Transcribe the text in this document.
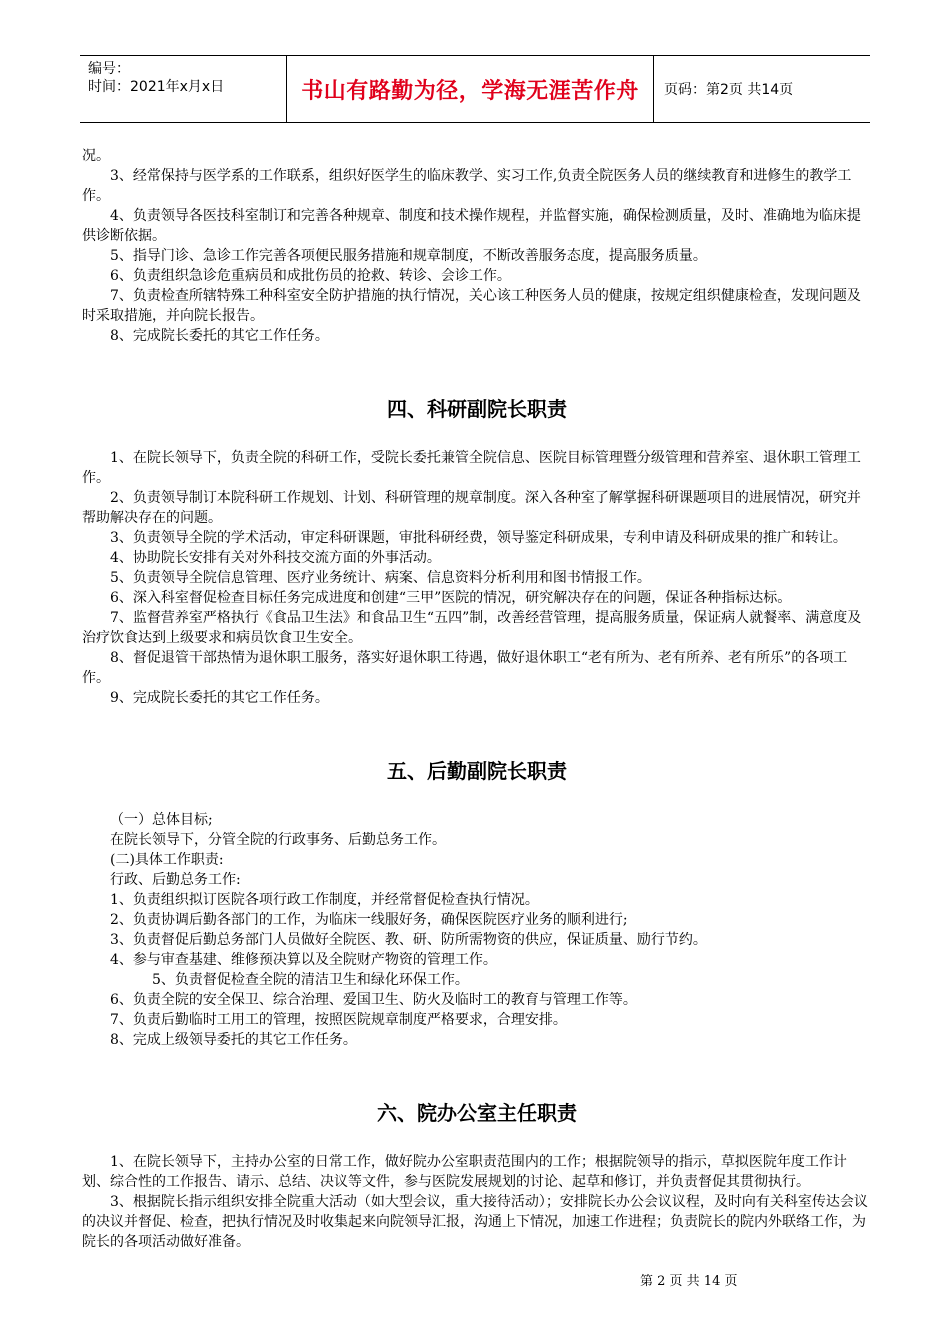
编号：
时间：2021年x月x日	书山有路勤为径，学海无涯苦作舟	页码：第2页 共14页

况。

3、经常保持与医学系的工作联系，组织好医学生的临床教学、实习工作,负责全院医务人员的继续教育和进修生的教学工作。

4、负责领导各医技科室制订和完善各种规章、制度和技术操作规程，并监督实施，确保检测质量，及时、准确地为临床提供诊断依据。

5、指导门诊、急诊工作完善各项便民服务措施和规章制度，不断改善服务态度，提高服务质量。

6、负责组织急诊危重病员和成批伤员的抢救、转诊、会诊工作。

7、负责检查所辖特殊工种科室安全防护措施的执行情况，关心该工种医务人员的健康，按规定组织健康检查，发现问题及时采取措施，并向院长报告。

8、完成院长委托的其它工作任务。

四、科研副院长职责

1、在院长领导下，负责全院的科研工作，受院长委托兼管全院信息、医院目标管理暨分级管理和营养室、退休职工管理工作。

2、负责领导制订本院科研工作规划、计划、科研管理的规章制度。深入各种室了解掌握科研课题项目的进展情况，研究并帮助解决存在的问题。

3、负责领导全院的学术活动，审定科研课题，审批科研经费，领导鉴定科研成果，专利申请及科研成果的推广和转让。

4、协助院长安排有关对外科技交流方面的外事活动。

5、负责领导全院信息管理、医疗业务统计、病案、信息资料分析利用和图书情报工作。

6、深入科室督促检查目标任务完成进度和创建“三甲”医院的情况，研究解决存在的问题，保证各种指标达标。

7、监督营养室严格执行《食品卫生法》和食品卫生“五四”制，改善经营管理，提高服务质量，保证病人就餐率、满意度及治疗饮食达到上级要求和病员饮食卫生安全。

8、督促退管干部热情为退休职工服务，落实好退休职工待遇，做好退休职工“老有所为、老有所养、老有所乐”的各项工作。

9、完成院长委托的其它工作任务。

五、后勤副院长职责

（一）总体目标;

在院长领导下，分管全院的行政事务、后勤总务工作。

(二)具体工作职责:

行政、后勤总务工作:

1、负责组织拟订医院各项行政工作制度，并经常督促检查执行情况。

2、负责协调后勤各部门的工作，为临床一线服好务，确保医院医疗业务的顺利进行;

3、负责督促后勤总务部门人员做好全院医、教、研、防所需物资的供应，保证质量、励行节约。

4、参与审查基建、维修预决算以及全院财产物资的管理工作。

5、负责督促检查全院的清洁卫生和绿化环保工作。

6、负责全院的安全保卫、综合治理、爱国卫生、防火及临时工的教育与管理工作等。

7、负责后勤临时工用工的管理，按照医院规章制度严格要求，合理安排。

8、完成上级领导委托的其它工作任务。

六、院办公室主任职责

1、在院长领导下，主持办公室的日常工作，做好院办公室职责范围内的工作；根据院领导的指示，草拟医院年度工作计划、综合性的工作报告、请示、总结、决议等文件，参与医院发展规划的讨论、起草和修订，并负责督促其贯彻执行。

3、根据院长指示组织安排全院重大活动（如大型会议，重大接待活动）；安排院长办公会议议程，及时向有关科室传达会议的决议并督促、检查，把执行情况及时收集起来向院领导汇报，沟通上下情况，加速工作进程；负责院长的院内外联络工作，为院长的各项活动做好准备。

第 2 页 共 14 页
